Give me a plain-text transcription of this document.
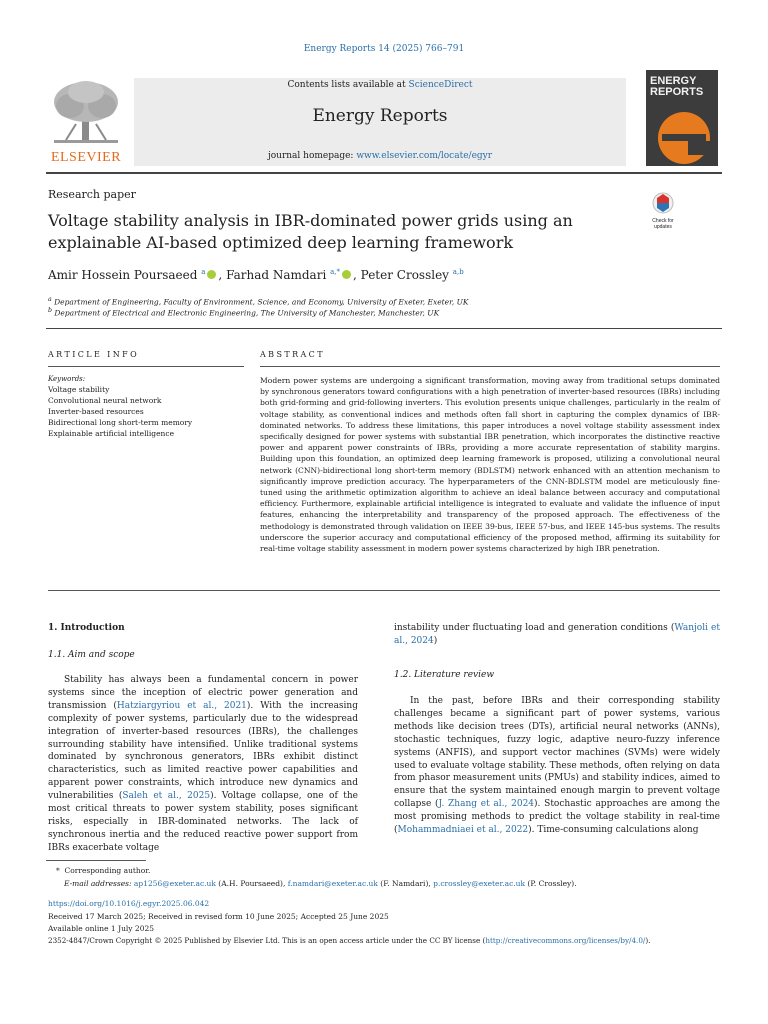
Energy Reports 14 (2025) 766–791
ELSEVIER
Contents lists available at ScienceDirect
Energy Reports
journal homepage: www.elsevier.com/locate/egyr
ENERGY REPORTS
Research paper
Voltage stability analysis in IBR-dominated power grids using an explainable AI-based optimized deep learning framework
Check for updates
Amir Hossein Poursaeed $^a$ , Farhad Namdari $^{a,*}$ , Peter Crossley $^{a,b}$
$^a$ Department of Engineering, Faculty of Environment, Science, and Economy, University of Exeter, Exeter, UK
$^b$ Department of Electrical and Electronic Engineering, The University of Manchester, Manchester, UK
ARTICLE INFO
Keywords:
Voltage stability
Convolutional neural network
Inverter-based resources
Bidirectional long short-term memory
Explainable artificial intelligence
ABSTRACT
Modern power systems are undergoing a significant transformation, moving away from traditional setups dominated by synchronous generators toward configurations with a high penetration of inverter-based resources (IBRs) including both grid-forming and grid-following inverters. This evolution presents unique challenges, particularly in the realm of voltage stability, as conventional indices and methods often fall short in capturing the complex dynamics of IBR-dominated networks. To address these limitations, this paper introduces a novel voltage stability assessment index specifically designed for power systems with substantial IBR penetration, which incorporates the distinctive reactive power and apparent power constraints of IBRs, providing a more accurate representation of stability margins. Building upon this foundation, an optimized deep learning framework is proposed, utilizing a convolutional neural network (CNN)-bidirectional long short-term memory (BDLSTM) network enhanced with an attention mechanism to significantly improve prediction accuracy. The hyperparameters of the CNN-BDLSTM model are meticulously fine-tuned using the arithmetic optimization algorithm to achieve an ideal balance between accuracy and computational efficiency. Furthermore, explainable artificial intelligence is integrated to evaluate and validate the influence of input features, enhancing the interpretability and transparency of the proposed approach. The effectiveness of the methodology is demonstrated through validation on IEEE 39-bus, IEEE 57-bus, and IEEE 145-bus systems. The results underscore the superior accuracy and computational efficiency of the proposed method, affirming its suitability for real-time voltage stability assessment in modern power systems characterized by high IBR penetration.
1. Introduction
1.1. Aim and scope
Stability has always been a fundamental concern in power systems since the inception of electric power generation and transmission (Hatziargyriou et al., 2021). With the increasing complexity of power systems, particularly due to the widespread integration of inverter-based resources (IBRs), the challenges surrounding stability have intensified. Unlike traditional systems dominated by synchronous generators, IBRs exhibit distinct characteristics, such as limited reactive power capabilities and apparent power constraints, which introduce new dynamics and vulnerabilities (Saleh et al., 2025). Voltage collapse, one of the most critical threats to power system stability, poses significant risks, especially in IBR-dominated networks. The lack of synchronous inertia and the reduced reactive power support from IBRs exacerbate voltage
instability under fluctuating load and generation conditions (Wanjoli et al., 2024)
1.2. Literature review
In the past, before IBRs and their corresponding stability challenges became a significant part of power systems, various methods like decision trees (DTs), artificial neural networks (ANNs), stochastic techniques, fuzzy logic, adaptive neuro-fuzzy inference systems (ANFIS), and support vector machines (SVMs) were widely used to evaluate voltage stability. These methods, often relying on data from phasor measurement units (PMUs) and stability indices, aimed to ensure that the system maintained enough margin to prevent voltage collapse (J. Zhang et al., 2024). Stochastic approaches are among the most promising methods to predict the voltage stability in real-time (Mohammadniaei et al., 2022). Time-consuming calculations along
* Corresponding author.
E-mail addresses: ap1256@exeter.ac.uk (A.H. Poursaeed), f.namdari@exeter.ac.uk (F. Namdari), p.crossley@exeter.ac.uk (P. Crossley).
https://doi.org/10.1016/j.egyr.2025.06.042
Received 17 March 2025; Received in revised form 10 June 2025; Accepted 25 June 2025
Available online 1 July 2025
2352-4847/Crown Copyright © 2025 Published by Elsevier Ltd. This is an open access article under the CC BY license (http://creativecommons.org/licenses/by/4.0/).
